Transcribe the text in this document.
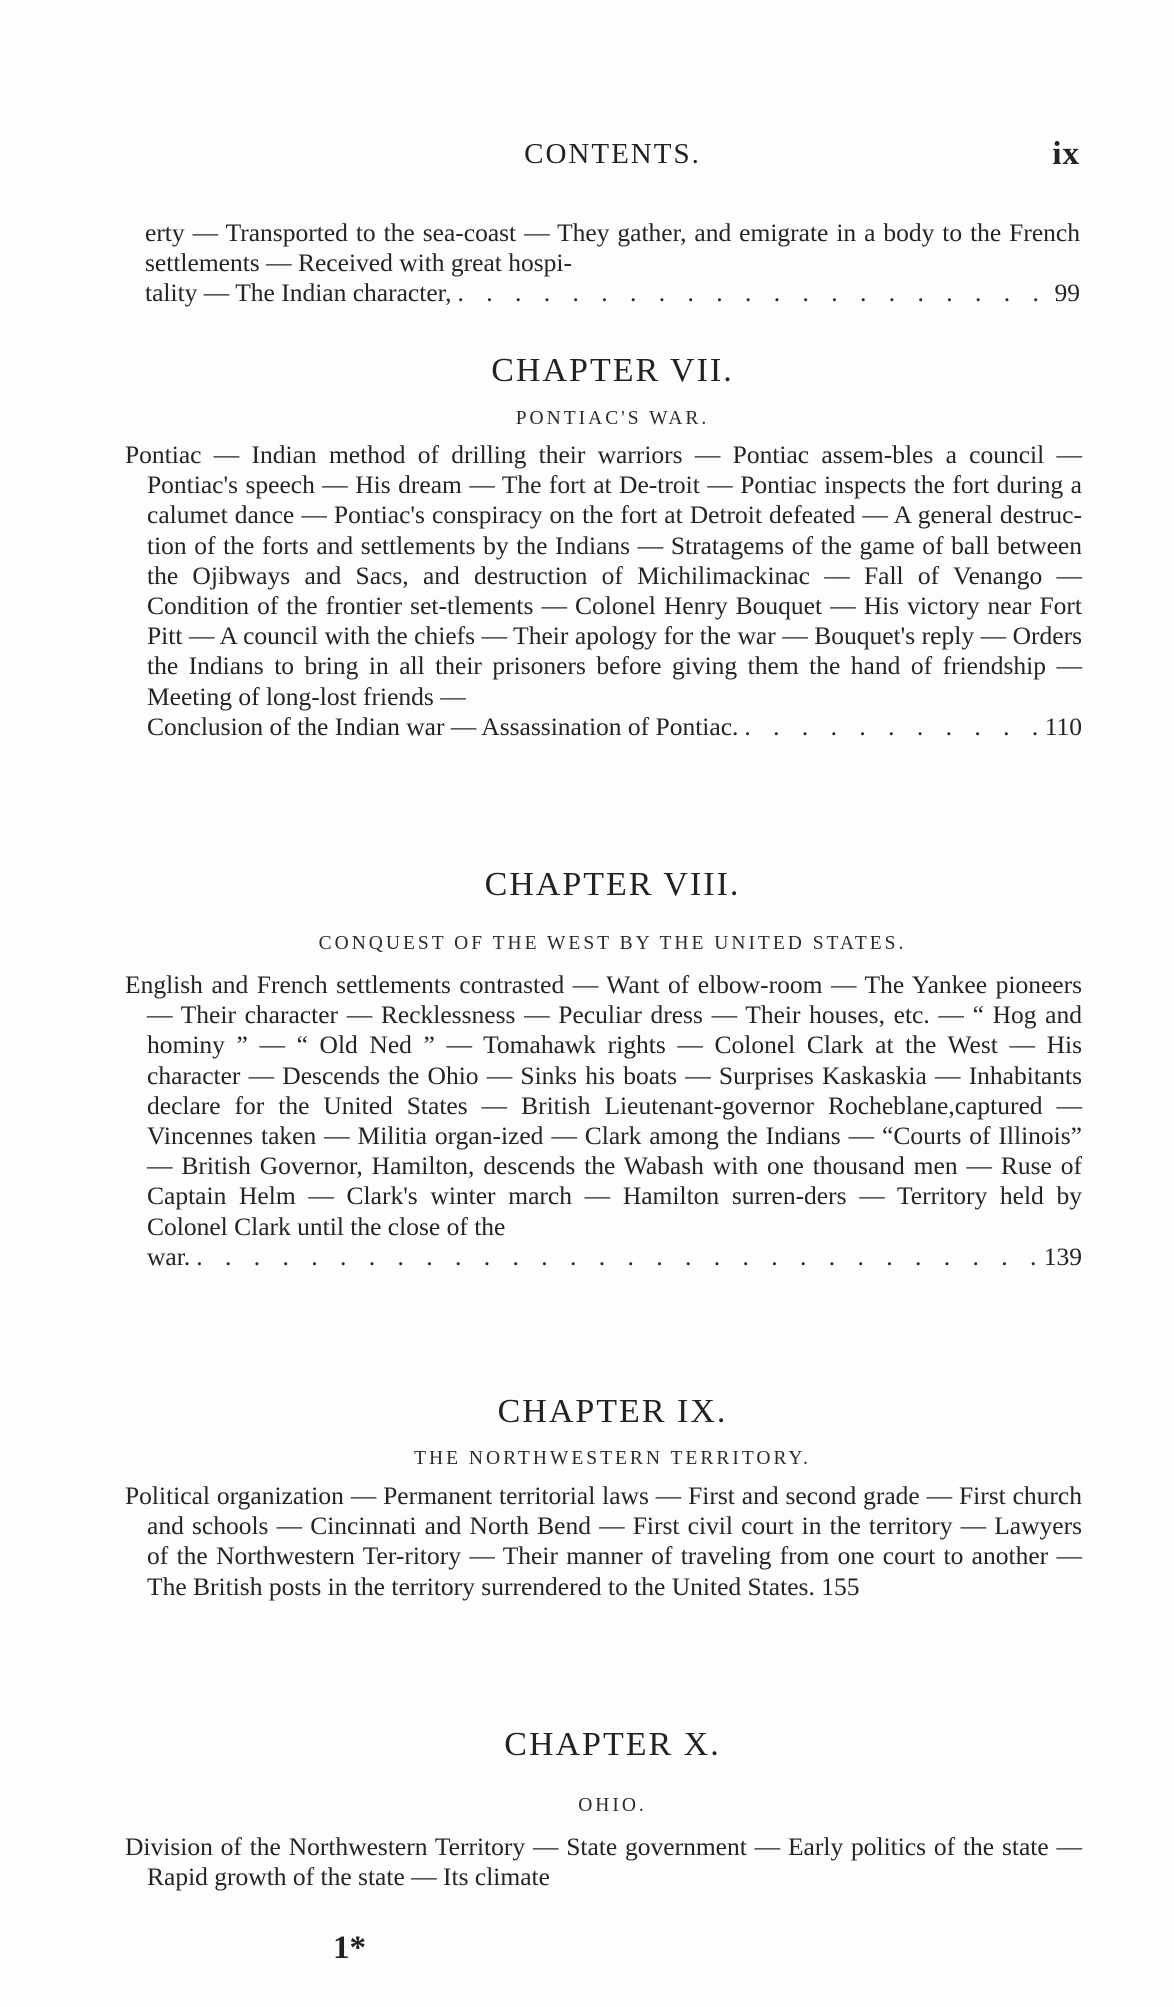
CONTENTS.	ix
erty — Transported to the sea-coast — They gather, and emigrate in a body to the French settlements — Received with great hospi-
tality — The Indian character, . . .	99
CHAPTER VII.
PONTIAC'S WAR.
Pontiac — Indian method of drilling their warriors — Pontiac assem-bles a council — Pontiac's speech — His dream — The fort at De-troit — Pontiac inspects the fort during a calumet dance — Pontiac's conspiracy on the fort at Detroit defeated — A general destruc-tion of the forts and settlements by the Indians — Stratagems of the game of ball between the Ojibways and Sacs, and destruction of Michilimackinac — Fall of Venango — Condition of the frontier set-tlements — Colonel Henry Bouquet — His victory near Fort Pitt — A council with the chiefs — Their apology for the war — Bouquet's reply — Orders the Indians to bring in all their prisoners before giving them the hand of friendship — Meeting of long-lost friends —
Conclusion of the Indian war — Assassination of Pontiac. . . .	110
CHAPTER VIII.
CONQUEST OF THE WEST BY THE UNITED STATES.
English and French settlements contrasted — Want of elbow-room — The Yankee pioneers — Their character — Recklessness — Peculiar dress — Their houses, etc. — “ Hog and hominy ” — “ Old Ned ” — Tomahawk rights — Colonel Clark at the West — His character — Descends the Ohio — Sinks his boats — Surprises Kaskaskia — Inhabitants declare for the United States — British Lieutenant-governor Rocheblane,captured — Vincennes taken — Militia organ-ized — Clark among the Indians — “Courts of Illinois” — British Governor, Hamilton, descends the Wabash with one thousand men — Ruse of Captain Helm — Clark's winter march — Hamilton surren-ders — Territory held by Colonel Clark until the close of the
war. . . .	139
CHAPTER IX.
THE NORTHWESTERN TERRITORY.
Political organization — Permanent territorial laws — First and second grade — First church and schools — Cincinnati and North Bend — First civil court in the territory — Lawyers of the Northwestern Ter-ritory — Their manner of traveling from one court to another — The British posts in the territory surrendered to the United States. 155
CHAPTER X.
OHIO.
Division of the Northwestern Territory — State government — Early politics of the state — Rapid growth of the state — Its climate
1*
